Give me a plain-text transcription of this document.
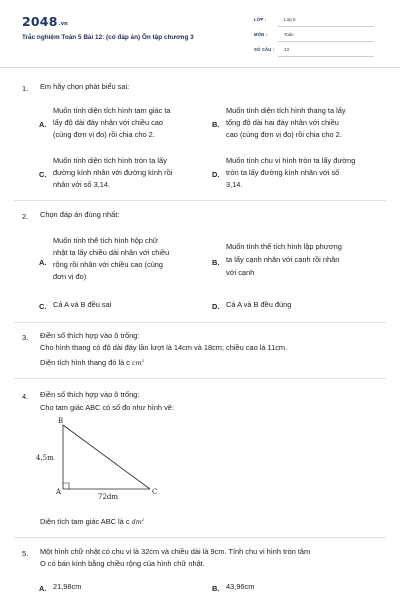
2048.vn
Trắc nghiệm Toán 5 Bài 12: (có đáp án) Ôn tập chương 3
LỚP :	Lớp 5
MÔN :	Toán
SỐ CÂU : 13
1. Em hãy chọn phát biểu sai:
A.
Muốn tính diện tích hình tam giác ta
lấy độ dài đáy nhân với chiều cao
(cùng đơn vị đo) rồi chia cho 2.
B.
Muốn tính diện tích hình thang ta lấy
tổng độ dài hai đáy nhân với chiều
cao (cùng đơn vị đo) rồi chia cho 2.
C.
Muốn tính diện tích hình tròn ta lấy
đường kính nhân với đường kính rồi
nhân với số 3,14.
D.
Muốn tính chu vi hình tròn ta lấy đường
tròn ta lấy đường kính nhân với số
3,14.
2. Chọn đáp án đúng nhất:
A.
Muốn tính thể tích hình hộp chữ
nhật ta lấy chiều dài nhân với chiều
rộng rồi nhân với chiều cao (cùng
đơn vị đo)
B.
Muốn tính thể tích hình lập phương
ta lấy cạnh nhân với cạnh rồi nhân
với cạnh
C. Cả A và B đều sai	D. Cả A và B đều đúng
3. Điền số thích hợp vào ô trống:
Cho hình thang có độ dài đáy lần lượt là 14cm và 18cm; chiều cao là 11cm.
Diện tích hình thang đó là c $cm^2$
4. Điền số thích hợp vào ô trống:
Cho tam giác ABC có số đo như hình vẽ:
B
A	C
4,5m
72dm
Diện tích tam giác ABC là c $dm^2$
5. Một hình chữ nhật có chu vi là 32cm và chiều dài là 9cm. Tính chu vi hình tròn tâm
O có bán kính bằng chiều rộng của hình chữ nhật.
A. 21,98cm	B. 43,96cm
